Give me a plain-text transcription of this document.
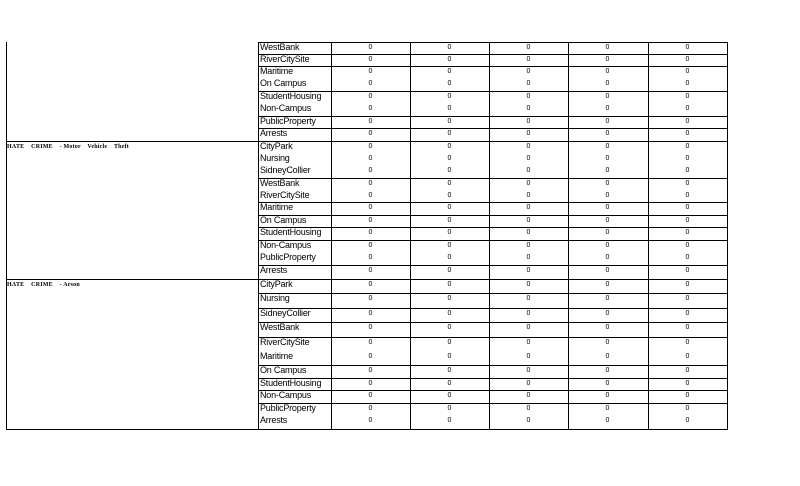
WestBank	0	0	0	0	0
RiverCitySite	0	0	0	0	0
Maritime	0	0	0	0	0
On Campus	0	0	0	0	0
StudentHousing	0	0	0	0	0
Non-Campus	0	0	0	0	0
PublicProperty	0	0	0	0	0
Arrests	0	0	0	0	0
HATE    CRIME    - Motor    Vehicle    Theft	CityPark	0	0	0	0	0
Nursing	0	0	0	0	0
SidneyCollier	0	0	0	0	0
WestBank	0	0	0	0	0
RiverCitySite	0	0	0	0	0
Maritime	0	0	0	0	0
On Campus	0	0	0	0	0
StudentHousing	0	0	0	0	0
Non-Campus	0	0	0	0	0
PublicProperty	0	0	0	0	0
Arrests	0	0	0	0	0
HATE    CRIME    - Arson	CityPark	0	0	0	0	0
Nursing	0	0	0	0	0
SidneyCollier	0	0	0	0	0
WestBank	0	0	0	0	0
RiverCitySite	0	0	0	0	0
Maritime	0	0	0	0	0
On Campus	0	0	0	0	0
StudentHousing	0	0	0	0	0
Non-Campus	0	0	0	0	0
PublicProperty	0	0	0	0	0
Arrests	0	0	0	0	0
